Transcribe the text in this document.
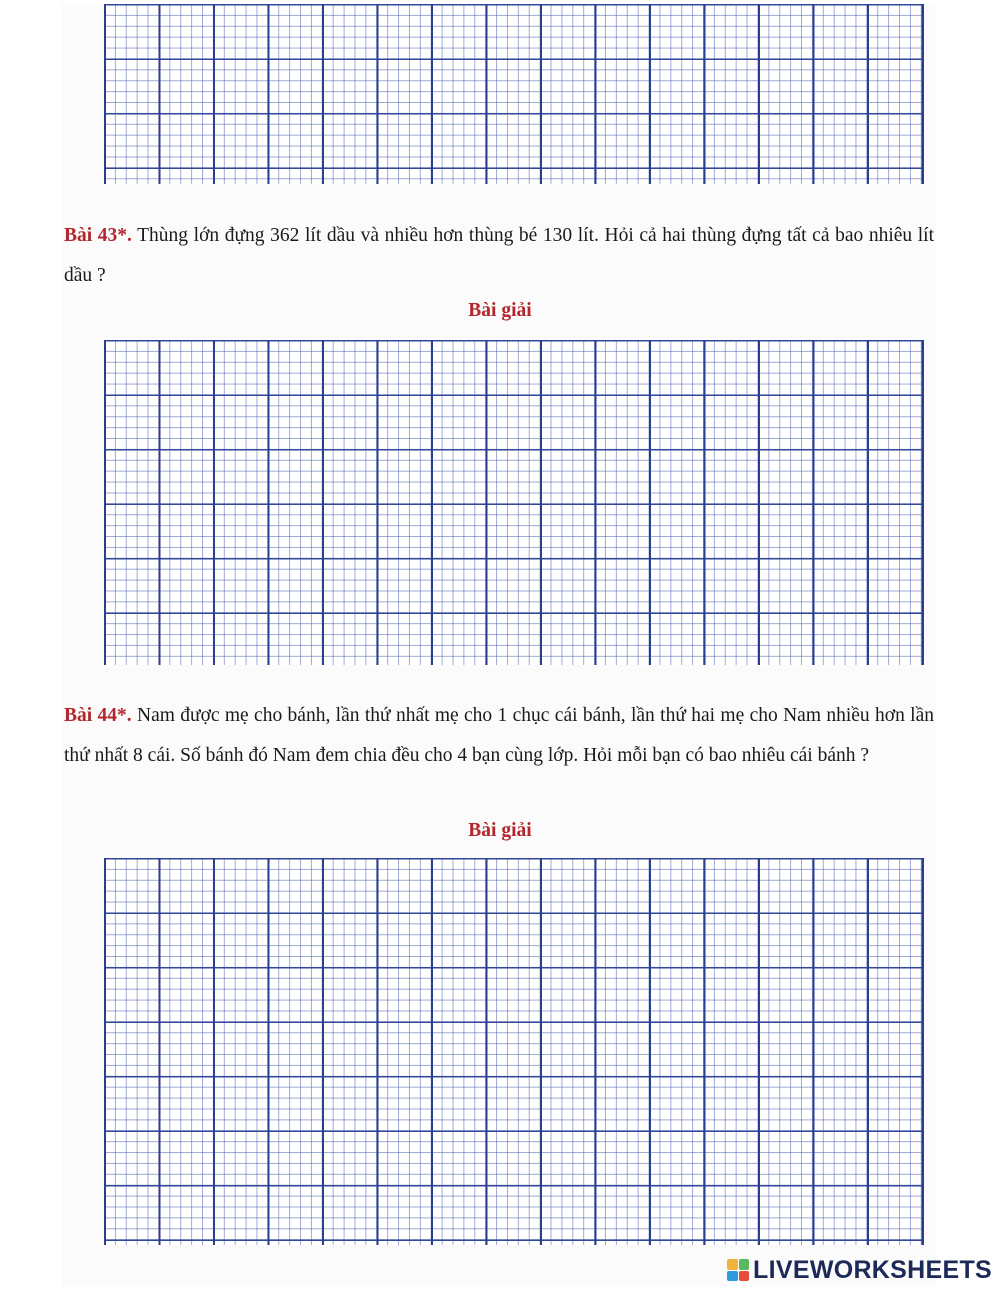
Bài 43*. Thùng lớn đựng 362 lít dầu và nhiều hơn thùng bé 130 lít. Hỏi cả hai thùng đựng tất cả bao nhiêu lít dầu ?
Bài giải
Bài 44*. Nam được mẹ cho bánh, lần thứ nhất mẹ cho 1 chục cái bánh, lần thứ hai mẹ cho Nam nhiều hơn lần thứ nhất 8 cái. Số bánh đó Nam đem chia đều cho 4 bạn cùng lớp. Hỏi mỗi bạn có bao nhiêu cái bánh ?
Bài giải
LIVEWORKSHEETS
